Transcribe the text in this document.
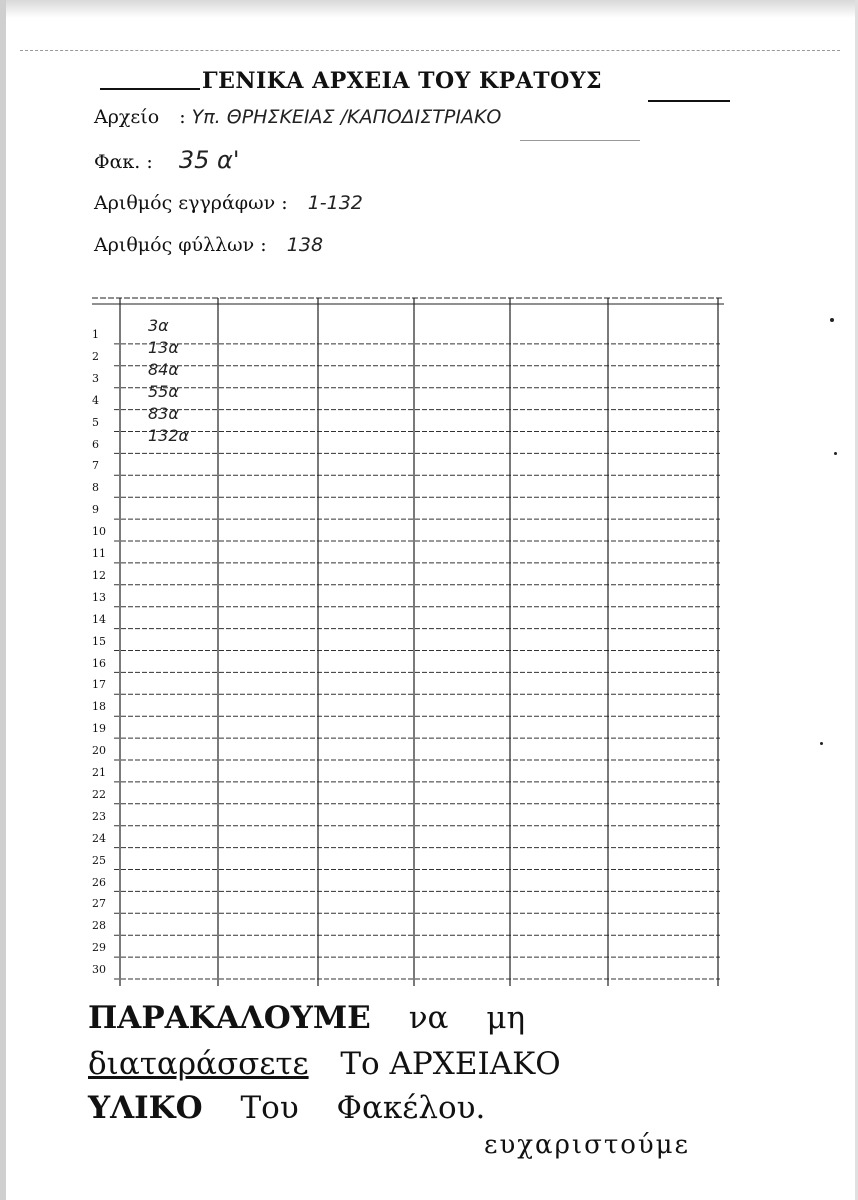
ΓΕΝΙΚΑ ΑΡΧΕΙΑ ΤΟΥ ΚΡΑΤΟΥΣ
Αρχείο : Υπ. ΘΡΗΣΚΕΙΑΣ /ΚΑΠΟΔΙΣΤΡΙΑΚΟ
Φακ. : 35 α'
Αριθμός εγγράφων : 1-132
Αριθμός φύλλων : 138
1
2
3
4
5
6
7
8
9
10
11
12
13
14
15
16
17
18
19
20
21
22
23
24
25
26
27
28
29
30
3α
13α
84α
55α
83α
132α
ΠΑΡΑΚΑΛΟΥΜΕ να μη
διαταράσσετε Το ΑΡΧΕΙΑΚΟ
ΥΛΙΚΟ Του Φακέλου.
ευχαριστούμε
